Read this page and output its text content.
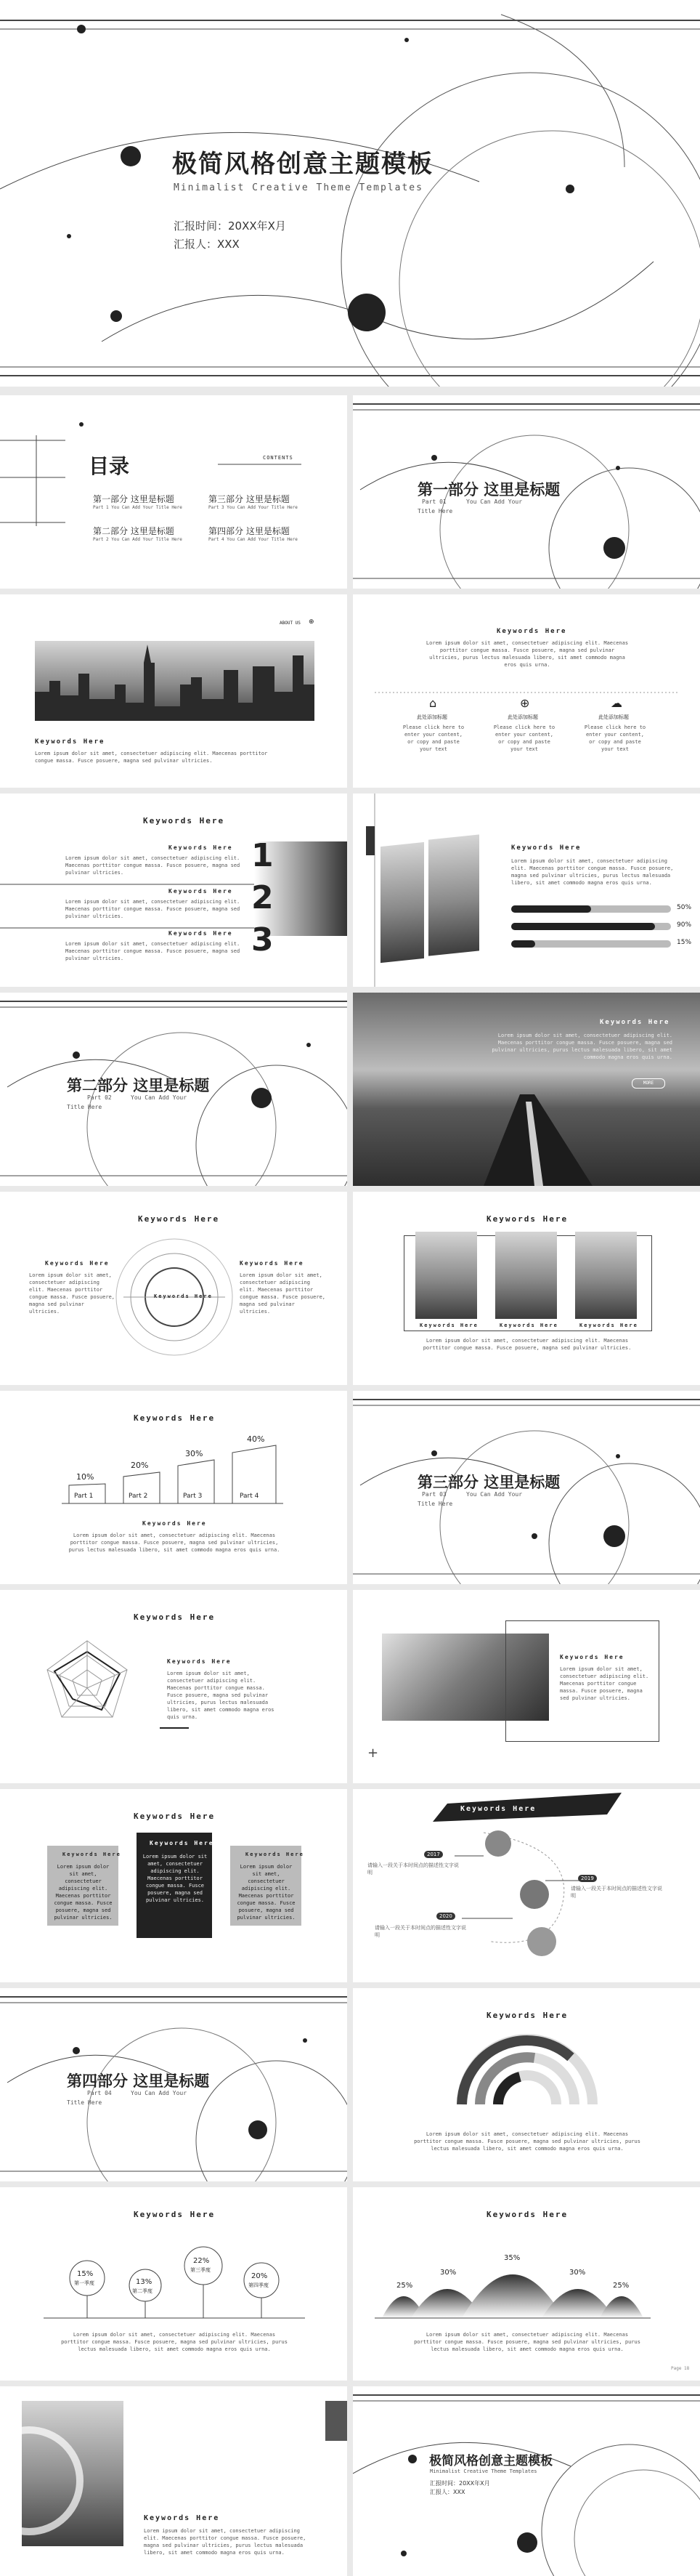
极简风格创意主题模板
Minimalist Creative Theme Templates
汇报时间：20XX年X月
汇报人：XXX
目录	CONTENTS
第一部分 这里是标题
Part 1 You Can Add Your Title Here
第三部分 这里是标题
Part 3 You Can Add Your Title Here
第二部分 这里是标题
Part 2 You Can Add Your Title Here
第四部分 这里是标题
Part 4 You Can Add Your Title Here
第一部分 这里是标题
Part 01	You Can Add Your
Title Here
Keywords Here
Lorem ipsum dolor sit amet, consectetuer adipiscing elit. Maecenas porttitor congue massa. Fusce posuere, magna sed pulvinar ultricies.
ABOUT US ⊕
Keywords Here
Lorem ipsum dolor sit amet, consectetuer adipiscing elit. Maecenas porttitor congue massa. Fusce posuere, magna sed pulvinar ultricies, purus lectus malesuada libero, sit amet commodo magna eros quis urna.
⌂	⊕	☁
此处添加标题	此处添加标题	此处添加标题
Please click here to enter your content, or copy and paste your text
Please click here to enter your content, or copy and paste your text
Please click here to enter your content, or copy and paste your text
Keywords Here
1
2
3
Keywords Here
Lorem ipsum dolor sit amet, consectetuer adipiscing elit. Maecenas porttitor congue massa. Fusce posuere, magna sed pulvinar ultricies.
Keywords Here
Lorem ipsum dolor sit amet, consectetuer adipiscing elit. Maecenas porttitor congue massa. Fusce posuere, magna sed pulvinar ultricies.
Keywords Here
Lorem ipsum dolor sit amet, consectetuer adipiscing elit. Maecenas porttitor congue massa. Fusce posuere, magna sed pulvinar ultricies.
Keywords Here
Lorem ipsum dolor sit amet, consectetuer adipiscing elit. Maecenas porttitor congue massa. Fusce posuere, magna sed pulvinar ultricies, purus lectus malesuada libero, sit amet commodo magna eros quis urna.
50%
90%
15%
第二部分 这里是标题
Part 02	You Can Add Your
Title Here
Keywords Here
Lorem ipsum dolor sit amet, consectetuer adipiscing elit. Maecenas porttitor congue massa. Fusce posuere, magna sed pulvinar ultricies, purus lectus malesuada libero, sit amet commodo magna eros quis urna.
MORE
Keywords Here
Keywords Here
Keywords Here
Lorem ipsum dolor sit amet, consectetuer adipiscing elit. Maecenas porttitor congue massa. Fusce posuere, magna sed pulvinar ultricies.
Keywords Here
Lorem ipsum dolor sit amet, consectetuer adipiscing elit. Maecenas porttitor congue massa. Fusce posuere, magna sed pulvinar ultricies.
Keywords Here
Keywords Here	Keywords Here	Keywords Here
Lorem ipsum dolor sit amet, consectetuer adipiscing elit. Maecenas porttitor congue massa. Fusce posuere, magna sed pulvinar ultricies.
Keywords Here
10%
20%
30%
40%
Part 1	Part 2	Part 3	Part 4
Keywords Here
Lorem ipsum dolor sit amet, consectetuer adipiscing elit. Maecenas porttitor congue massa. Fusce posuere, magna sed pulvinar ultricies, purus lectus malesuada libero, sit amet commodo magna eros quis urna.
第三部分 这里是标题
Part 03	You Can Add Your
Title Here
Keywords Here
Keywords Here
Lorem ipsum dolor sit amet, consectetuer adipiscing elit. Maecenas porttitor congue massa. Fusce posuere, magna sed pulvinar ultricies, purus lectus malesuada libero, sit amet commodo magna eros quis urna.
Keywords Here
Lorem ipsum dolor sit amet, consectetuer adipiscing elit. Maecenas porttitor congue massa. Fusce posuere, magna sed pulvinar ultricies.
+
Keywords Here
Keywords Here
Lorem ipsum dolor sit amet, consectetuer adipiscing elit. Maecenas porttitor congue massa. Fusce posuere, magna sed pulvinar ultricies.
Keywords Here
Lorem ipsum dolor sit amet, consectetuer adipiscing elit. Maecenas porttitor congue massa. Fusce posuere, magna sed pulvinar ultricies.
Keywords Here
Lorem ipsum dolor sit amet, consectetuer adipiscing elit. Maecenas porttitor congue massa. Fusce posuere, magna sed pulvinar ultricies.
Keywords Here
2017
请输入一段关于本时间点的描述性文字说明
2019
请输入一段关于本时间点的描述性文字说明
2020
请输入一段关于本时间点的描述性文字说明
第四部分 这里是标题
Part 04	You Can Add Your
Title Here
Keywords Here
Lorem ipsum dolor sit amet, consectetuer adipiscing elit. Maecenas porttitor congue massa. Fusce posuere, magna sed pulvinar ultricies, purus lectus malesuada libero, sit amet commodo magna eros quis urna.
Keywords Here
15%
第一季度	13%
第二季度
22%
第三季度
20%
第四季度
Lorem ipsum dolor sit amet, consectetuer adipiscing elit. Maecenas porttitor congue massa. Fusce posuere, magna sed pulvinar ultricies, purus lectus malesuada libero, sit amet commodo magna eros quis urna.
Keywords Here
25%
30%
35%
30%
25%
Lorem ipsum dolor sit amet, consectetuer adipiscing elit. Maecenas porttitor congue massa. Fusce posuere, magna sed pulvinar ultricies, purus lectus malesuada libero, sit amet commodo magna eros quis urna.
Page 18
Keywords Here
Lorem ipsum dolor sit amet, consectetuer adipiscing elit. Maecenas porttitor congue massa. Fusce posuere, magna sed pulvinar ultricies, purus lectus malesuada libero, sit amet commodo magna eros quis urna.
极简风格创意主题模板
Minimalist Creative Theme Templates
汇报时间：20XX年X月
汇报人：XXX
